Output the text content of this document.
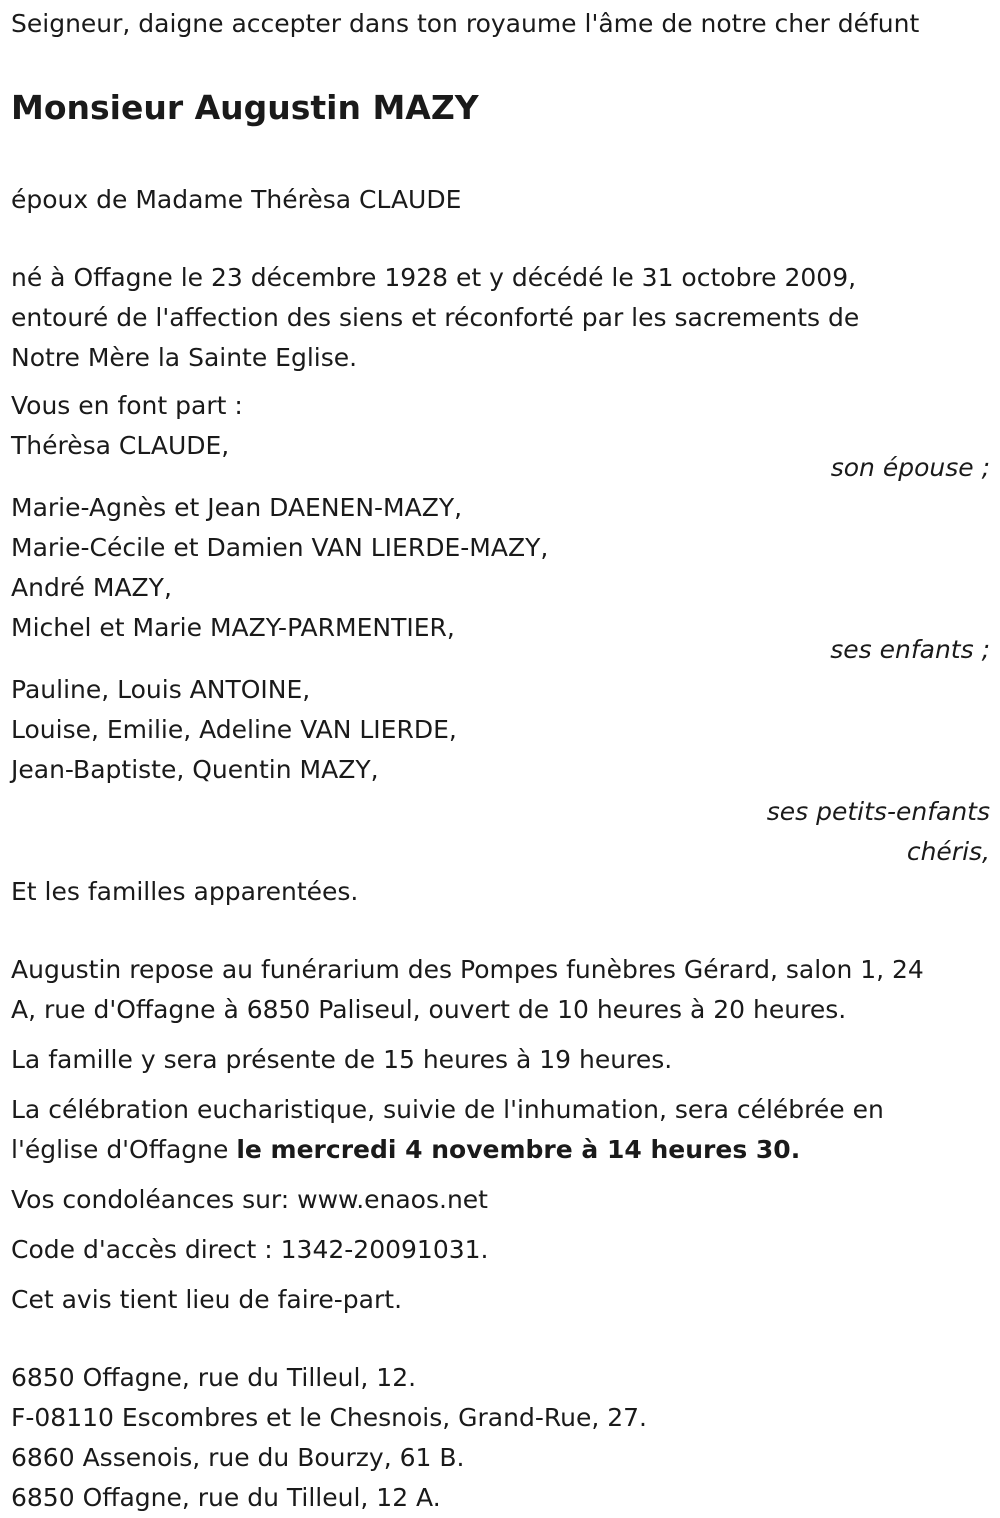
Seigneur, daigne accepter dans ton royaume l'âme de notre cher défunt

Monsieur Augustin MAZY

époux de Madame Thérèsa CLAUDE

né à Offagne le 23 décembre 1928 et y décédé le 31 octobre 2009,
entouré de l'affection des siens et réconforté par les sacrements de
Notre Mère la Sainte Eglise.

Vous en font part :

Thérèsa CLAUDE,
son épouse ;
Marie-Agnès et Jean DAENEN-MAZY,
Marie-Cécile et Damien VAN LIERDE-MAZY,
André MAZY,
Michel et Marie MAZY-PARMENTIER,
ses enfants ;
Pauline, Louis ANTOINE,
Louise, Emilie, Adeline VAN LIERDE,
Jean-Baptiste, Quentin MAZY,
ses petits-enfants
chéris,

Et les familles apparentées.

Augustin repose au funérarium des Pompes funèbres Gérard, salon 1, 24
A, rue d'Offagne à 6850 Paliseul, ouvert de 10 heures à 20 heures.

La famille y sera présente de 15 heures à 19 heures.

La célébration eucharistique, suivie de l'inhumation, sera célébrée en
l'église d'Offagne le mercredi 4 novembre à 14 heures 30.

Vos condoléances sur: www.enaos.net

Code d'accès direct : 1342-20091031.

Cet avis tient lieu de faire-part.

6850 Offagne, rue du Tilleul, 12.
F-08110 Escombres et le Chesnois, Grand-Rue, 27.
6860 Assenois, rue du Bourzy, 61 B.
6850 Offagne, rue du Tilleul, 12 A.
